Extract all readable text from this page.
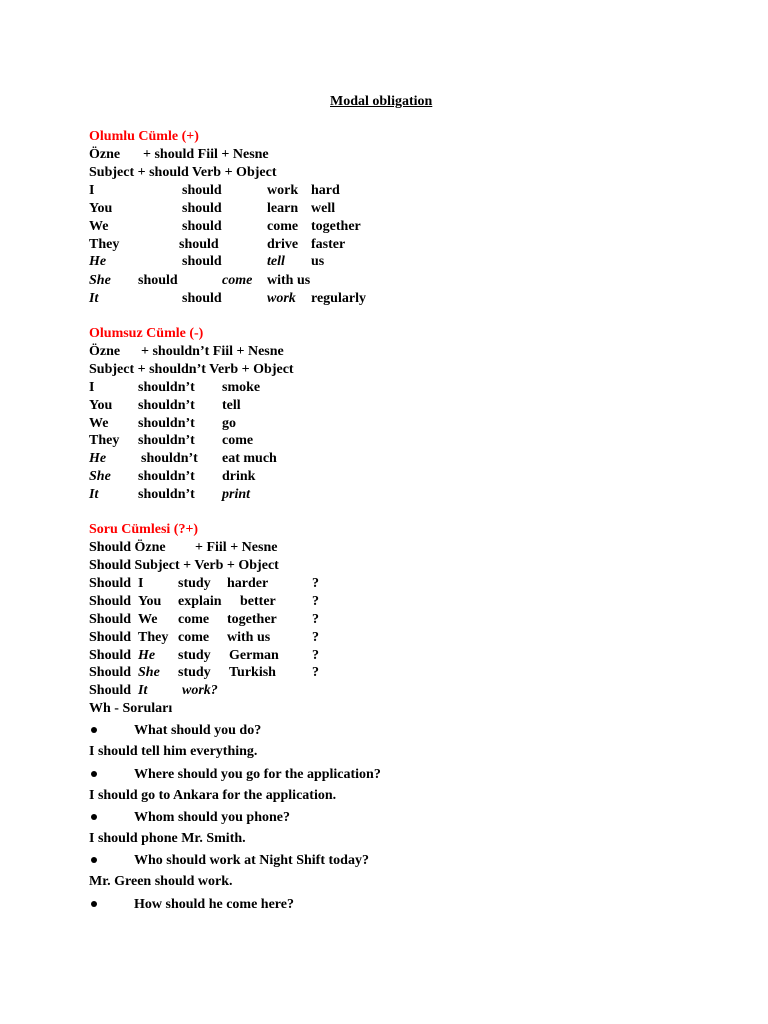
Modal obligation
Olumlu Cümle (+)
Özne + should Fiil + Nesne
Subject + should Verb + Object
I	should	work hard
You	should	learn well
We	should	come together
They	should	drive faster
He	should	tell us
She should	come with us
It	should	work regularly
Olumsuz Cümle (-)
Özne + shouldn’t Fiil + Nesne
Subject + shouldn’t Verb + Object
I	shouldn’t smoke
You shouldn’t tell
We shouldn’t go
They shouldn’t come
He shouldn’t eat much
She shouldn’t drink
It	shouldn’t print
Soru Cümlesi (?+)
Should Özne + Fiil + Nesne
Should Subject + Verb + Object
Should I study harder	?
Should You explain better	?
Should We come together	?
Should They come with us	?
Should He study German ?
Should She study Turkish	?
Should It work?
Wh - Soruları
What should you do?
I should tell him everything.
Where should you go for the application?
I should go to Ankara for the application.
Whom should you phone?
I should phone Mr. Smith.
Who should work at Night Shift today?
Mr. Green should work.
How should he come here?
